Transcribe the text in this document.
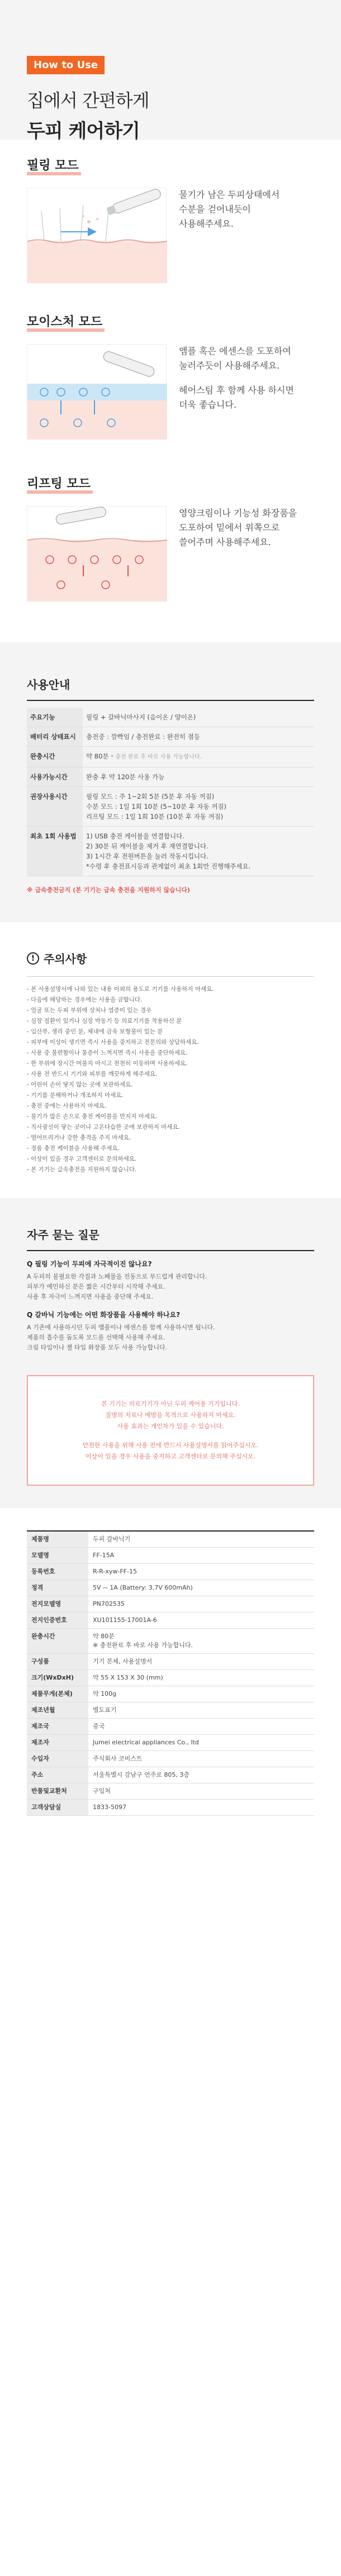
How to Use
집에서 간편하게
두피 케어하기
필링 모드
물기가 남은 두피상태에서
수분을 걷어내듯이
사용해주세요.
모이스처 모드
앰플 혹은 에센스를 도포하여
눌러주듯이 사용해주세요.
헤어스팀 후 함께 사용 하시면
더욱 좋습니다.
리프팅 모드
영양크림이나 기능성 화장품을
도포하여 밑에서 위쪽으로
쓸어주며 사용해주세요.
사용안내
주요기능	필링 + 갈바닉마사지 (음이온 / 양이온)
배터리 상태표시	충전중 : 깜빡임 / 충전완료 : 완전히 점등
완충시간	약 80분 * 충전 완료 후 바로 사용 가능합니다.
사용가능시간	완충 후 약 120분 사용 가능
권장사용시간	필링 모드 : 주 1~2회 5분 (5분 후 자동 꺼짐)
수분 모드 : 1일 1회 10분 (5~10분 후 자동 꺼짐)
리프팅 모드 : 1일 1회 10분 (10분 후 자동 꺼짐)
최초 1회 사용법	1) USB 충전 케이블을 연결합니다.
2) 30분 뒤 케이블을 제거 후 재연결합니다.
3) 1시간 후 전원버튼을 눌러 작동시킵니다.
*수령 후 충전표시등과 관계없이 최초 1회만 진행해주세요.
※ 급속충전금지 (본 기기는 급속 충전을 지원하지 않습니다)
! 주의사항
- 본 사용설명서에 나와 있는 내용 이외의 용도로 기기를 사용하지 마세요.
- 다음에 해당하는 경우에는 사용을 금합니다.
- 얼굴 또는 두피 부위에 상처나 염증이 있는 경우
- 심장 질환이 있거나 심장 박동기 등 의료기기를 착용하신 분
- 임산부, 생리 중인 분, 체내에 금속 보형물이 있는 분
- 피부에 이상이 생기면 즉시 사용을 중지하고 전문의와 상담하세요.
- 사용 중 불편함이나 통증이 느껴지면 즉시 사용을 중단하세요.
- 한 부위에 장시간 머물지 마시고 천천히 이동하며 사용하세요.
- 사용 전 반드시 기기와 피부를 깨끗하게 해주세요.
- 어린이 손이 닿지 않는 곳에 보관하세요.
- 기기를 분해하거나 개조하지 마세요.
- 충전 중에는 사용하지 마세요.
- 물기가 많은 손으로 충전 케이블을 만지지 마세요.
- 직사광선이 닿는 곳이나 고온다습한 곳에 보관하지 마세요.
- 떨어뜨리거나 강한 충격을 주지 마세요.
- 정품 충전 케이블을 사용해 주세요.
- 이상이 있을 경우 고객센터로 문의하세요.
- 본 기기는 급속충전을 지원하지 않습니다.
자주 묻는 질문
Q 필링 기능이 두피에 자극적이진 않나요?
A 두피의 불필요한 각질과 노폐물을 진동으로 부드럽게 관리합니다.
피부가 예민하신 분은 짧은 시간부터 시작해 주세요.
사용 후 자극이 느껴지면 사용을 중단해 주세요.
Q 갈바닉 기능에는 어떤 화장품을 사용해야 하나요?
A 기존에 사용하시던 두피 앰플이나 에센스를 함께 사용하시면 됩니다.
제품의 흡수를 돕도록 모드를 선택해 사용해 주세요.
크림 타입이나 젤 타입 화장품 모두 사용 가능합니다.

본 기기는 의료기기가 아닌 두피 케어용 기기입니다.
질병의 치료나 예방을 목적으로 사용하지 마세요.
사용 효과는 개인차가 있을 수 있습니다.

안전한 사용을 위해 사용 전에 반드시 사용설명서를 읽어주십시오.
이상이 있을 경우 사용을 중지하고 고객센터로 문의해 주십시오.

제품명	두피 갈바닉기
모델명	FF-15A
등록번호	R-R-xyw-FF-15
정격	5V ⎓ 1A (Battery: 3.7V 600mAh)
전지모델명	PN702535
전지인증번호	XU101155-17001A-6
완충시간	약 80분
※ 충전완료 후 바로 사용 가능합니다.
구성품	기기 본체, 사용설명서
크기(WxDxH)	약 55 X 153 X 30 (mm)
제품무게(본체)	약 100g
제조년월	별도표기
제조국	중국
제조자	Jumei electrical appliances Co., ltd
수입자	주식회사 코비스트
주소	서울특별시 강남구 언주로 805, 3층
반품및교환처	구입처
고객상담실	1833-5097
